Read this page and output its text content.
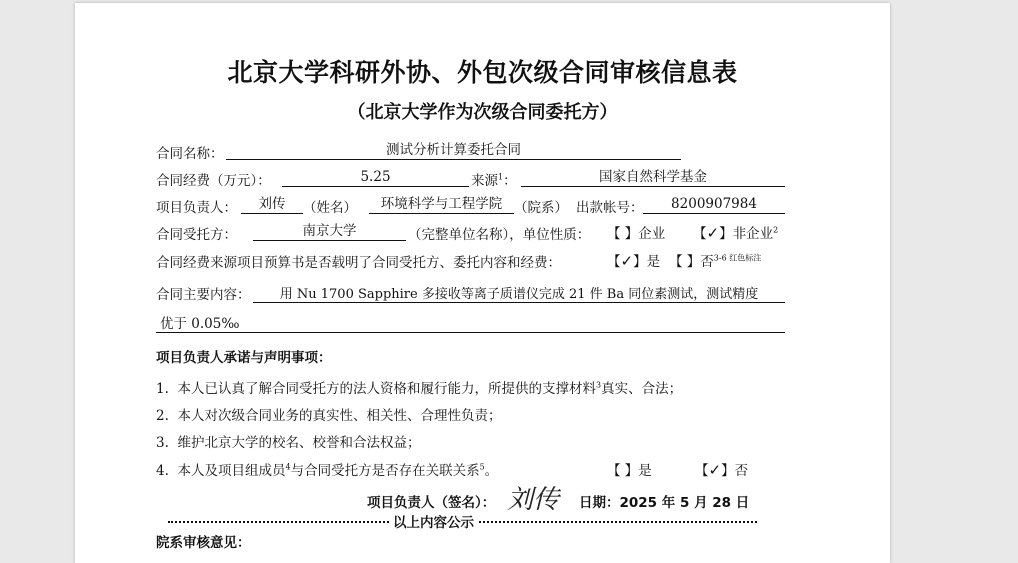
北京大学科研外协、外包次级合同审核信息表
（北京大学作为次级合同委托方）
合同名称：	测试分析计算委托合同
合同经费（万元）：	5.25	来源$^1$：	国家自然科学基金
项目负责人：	刘传	（姓名）	环境科学与工程学院 （院系） 出款帐号：	8200907984
合同受托方：	南京大学	（完整单位名称），单位性质： 【 】企业 【✓】非企业$^2$
合同经费来源项目预算书是否载明了合同受托方、委托内容和经费：	【✓】是 【 】否$^{3-6 红色标注}$
合同主要内容：	用 Nu 1700 Sapphire 多接收等离子质谱仪完成 21 件 Ba 同位素测试，测试精度
优于 0.05‰
项目负责人承诺与声明事项：
1. 本人已认真了解合同受托方的法人资格和履行能力，所提供的支撑材料$^3$真实、合法；
2. 本人对次级合同业务的真实性、相关性、合理性负责；
3. 维护北京大学的校名、校誉和合法权益；
4. 本人及项目组成员$^4$与合同受托方是否存在关联关系$^5$。	【 】是	【✓】否
项目负责人（签名）： 刘传 日期：2025 年 5 月 28 日
以上内容公示
院系审核意见：
